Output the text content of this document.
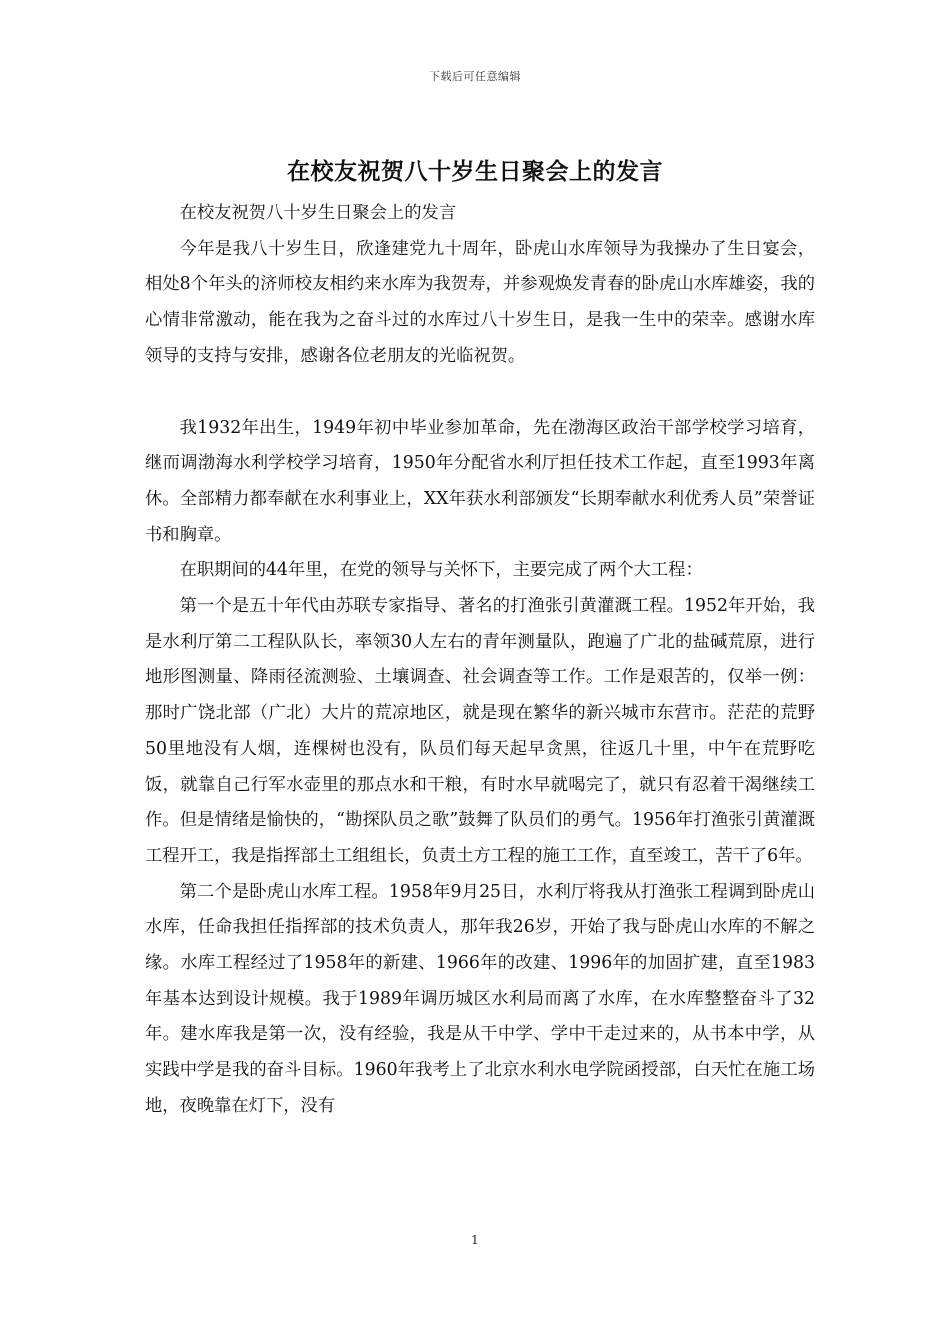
下载后可任意编辑
在校友祝贺八十岁生日聚会上的发言

在校友祝贺八十岁生日聚会上的发言

今年是我八十岁生日，欣逢建党九十周年，卧虎山水库领导为我操办了生日宴会，相处8个年头的济师校友相约来水库为我贺寿，并参观焕发青春的卧虎山水库雄姿，我的心情非常激动，能在我为之奋斗过的水库过八十岁生日，是我一生中的荣幸。感谢水库领导的支持与安排，感谢各位老朋友的光临祝贺。

我1932年出生，1949年初中毕业参加革命，先在渤海区政治干部学校学习培育，继而调渤海水利学校学习培育，1950年分配省水利厅担任技术工作起，直至1993年离休。全部精力都奉献在水利事业上，XX年获水利部颁发“长期奉献水利优秀人员”荣誉证书和胸章。

在职期间的44年里，在党的领导与关怀下，主要完成了两个大工程：

第一个是五十年代由苏联专家指导、著名的打渔张引黄灌溉工程。1952年开始，我是水利厅第二工程队队长，率领30人左右的青年测量队，跑遍了广北的盐碱荒原，进行地形图测量、降雨径流测验、土壤调查、社会调查等工作。工作是艰苦的，仅举一例：那时广饶北部（广北）大片的荒凉地区，就是现在繁华的新兴城市东营市。茫茫的荒野50里地没有人烟，连棵树也没有，队员们每天起早贪黑，往返几十里，中午在荒野吃饭，就靠自己行军水壶里的那点水和干粮，有时水早就喝完了，就只有忍着干渴继续工作。但是情绪是愉快的，“勘探队员之歌”鼓舞了队员们的勇气。1956年打渔张引黄灌溉工程开工，我是指挥部土工组组长，负责土方工程的施工工作，直至竣工，苦干了6年。

第二个是卧虎山水库工程。1958年9月25日，水利厅将我从打渔张工程调到卧虎山水库，任命我担任指挥部的技术负责人，那年我26岁，开始了我与卧虎山水库的不解之缘。水库工程经过了1958年的新建、1966年的改建、1996年的加固扩建，直至1983年基本达到设计规模。我于1989年调历城区水利局而离了水库，在水库整整奋斗了32年。建水库我是第一次，没有经验，我是从干中学、学中干走过来的，从书本中学，从实践中学是我的奋斗目标。1960年我考上了北京水利水电学院函授部，白天忙在施工场地，夜晚靠在灯下，没有

1
